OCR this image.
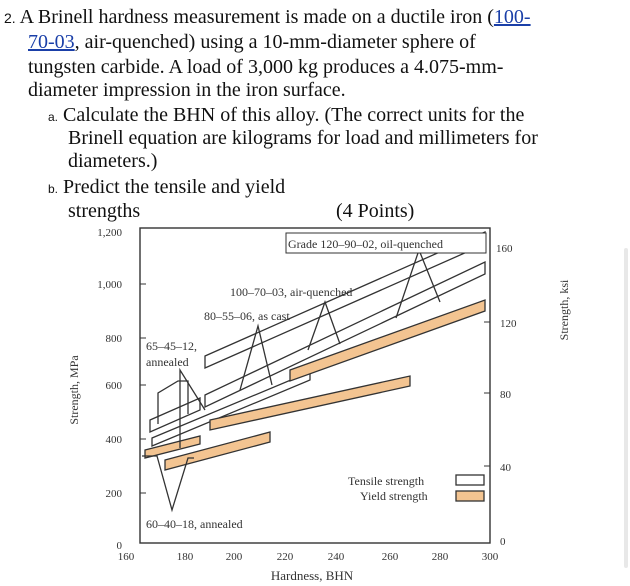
2. A Brinell hardness measurement is made on a ductile iron (100-
70-03, air-quenched) using a 10-mm-diameter sphere of
tungsten carbide. A load of 3,000 kg produces a 4.075-mm-
diameter impression in the iron surface.
a. Calculate the BHN of this alloy. (The correct units for the
Brinell equation are kilograms for load and millimeters for
diameters.)
b. Predict the tensile and yield
strengths	(4 Points)
Strength, MPa
Strength, ksi
Hardness, BHN
1,200
1,000
800
600
400
200
0
160
120
80
40
0
160	180	200	220	240	260	280	300
Grade 120–90–02, oil-quenched
100–70–03, air-quenched
80–55–06, as cast
65–45–12,
annealed
60–40–18, annealed
Tensile strength
Yield strength
